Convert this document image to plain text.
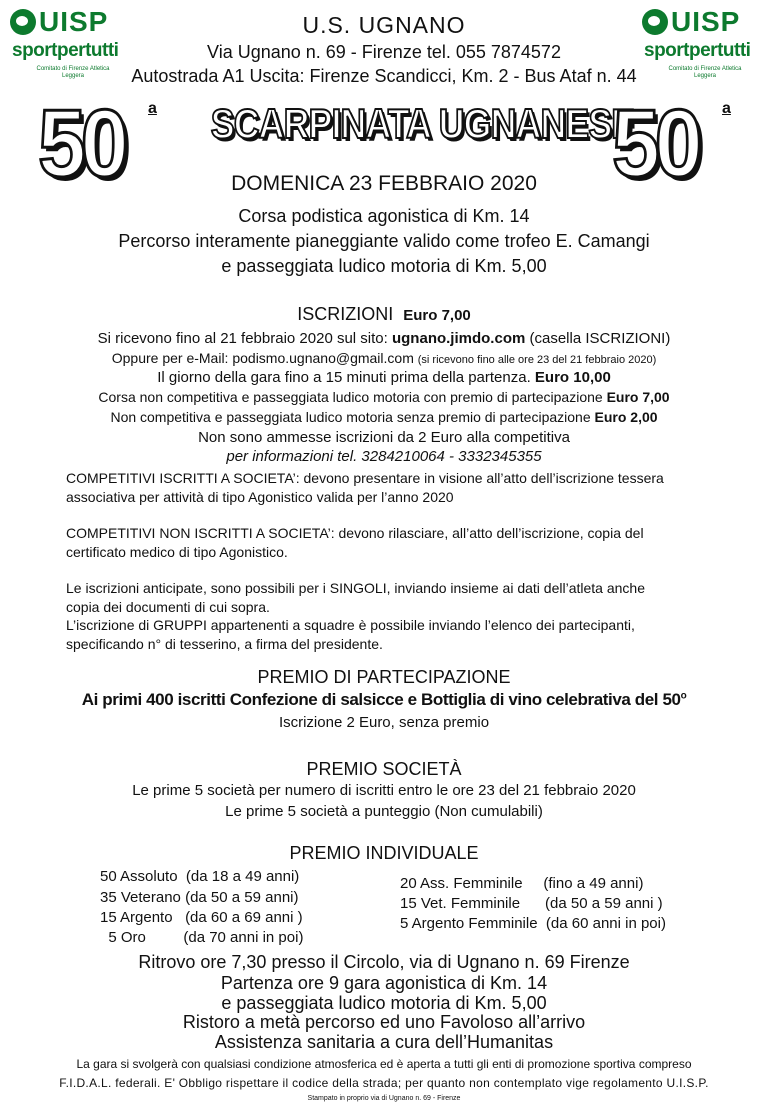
UISP
sportpertutti
Comitato di Firenze Atletica Leggera
UISP
sportpertutti
Comitato di Firenze Atletica Leggera
U.S. UGNANO
Via Ugnano n. 69 - Firenze tel. 055 7874572
Autostrada A1 Uscita: Firenze Scandicci, Km. 2 - Bus Ataf n. 44
50 a SCARPINATA UGNANESE
50 a
DOMENICA 23 FEBBRAIO 2020
Corsa podistica agonistica di Km. 14
Percorso interamente pianeggiante valido come trofeo E. Camangi
e passeggiata ludico motoria di Km. 5,00
ISCRIZIONI Euro 7,00
Si ricevono fino al 21 febbraio 2020 sul sito: ugnano.jimdo.com (casella ISCRIZIONI)
Oppure per e-Mail: podismo.ugnano@gmail.com (si ricevono fino alle ore 23 del 21 febbraio 2020)
Il giorno della gara fino a 15 minuti prima della partenza. Euro 10,00
Corsa non competitiva e passeggiata ludico motoria con premio di partecipazione Euro 7,00
Non competitiva e passeggiata ludico motoria senza premio di partecipazione Euro 2,00
Non sono ammesse iscrizioni da 2 Euro alla competitiva
per informazioni tel. 3284210064 - 3332345355
COMPETITIVI ISCRITTI A SOCIETA’: devono presentare in visione all’atto dell’iscrizione tessera
associativa per attività di tipo Agonistico valida per l’anno 2020
COMPETITIVI NON ISCRITTI A SOCIETA’: devono rilasciare, all’atto dell’iscrizione, copia del
certificato medico di tipo Agonistico.
Le iscrizioni anticipate, sono possibili per i SINGOLI, inviando insieme ai dati dell’atleta anche
copia dei documenti di cui sopra.
L’iscrizione di GRUPPI appartenenti a squadre è possibile inviando l’elenco dei partecipanti,
specificando n° di tesserino, a firma del presidente.
PREMIO DI PARTECIPAZIONE
Ai primi 400 iscritti Confezione di salsicce e Bottiglia di vino celebrativa del 50$^o$
Iscrizione 2 Euro, senza premio
PREMIO SOCIETÀ
Le prime 5 società per numero di iscritti entro le ore 23 del 21 febbraio 2020
Le prime 5 società a punteggio (Non cumulabili)
PREMIO INDIVIDUALE
50 Assoluto  (da 18 a 49 anni)
35 Veterano (da 50 a 59 anni)
15 Argento   (da 60 a 69 anni )
5 Oro         (da 70 anni in poi)
20 Ass. Femminile     (fino a 49 anni)
15 Vet. Femminile      (da 50 a 59 anni )
5 Argento Femminile  (da 60 anni in poi)
Ritrovo ore 7,30 presso il Circolo, via di Ugnano n. 69 Firenze
Partenza ore 9 gara agonistica di Km. 14
e passeggiata ludico motoria di Km. 5,00
Ristoro a metà percorso ed uno Favoloso all’arrivo
Assistenza sanitaria a cura dell’Humanitas
La gara si svolgerà con qualsiasi condizione atmosferica ed è aperta a tutti gli enti di promozione sportiva compreso
F.I.D.A.L. federali. E' Obbligo rispettare il codice della strada; per quanto non contemplato vige regolamento U.I.S.P.
Stampato in proprio via di Ugnano n. 69 - Firenze
